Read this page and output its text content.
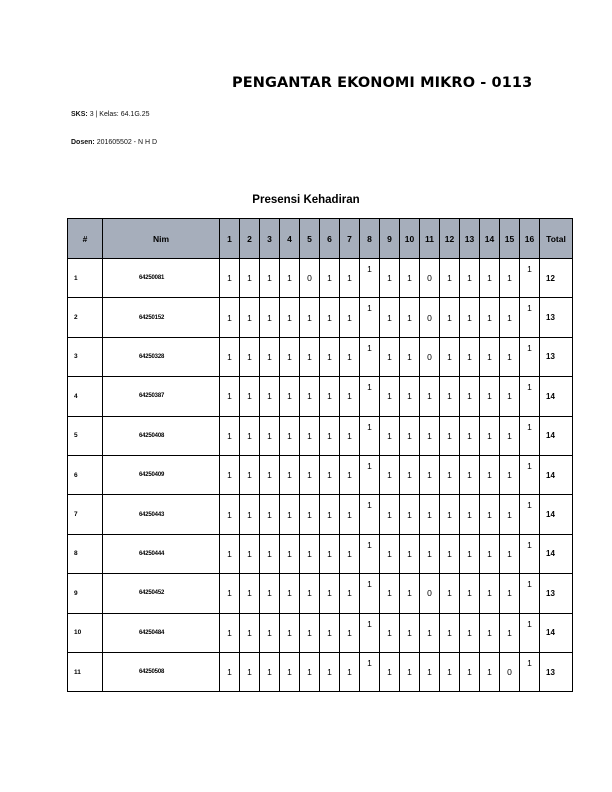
PENGANTAR EKONOMI MIKRO - 0113
SKS: 3 | Kelas: 64.1G.25
Dosen: 201605502 - N H D
Presensi Kehadiran
#	Nim	1	2	3	4	5	6	7	8	9	10	11	12	13	14	15	16	Total
1	64250081	1	1	1	1	0	1	1	1	1	1	0	1	1	1	1	1	12
2	64250152	1	1	1	1	1	1	1	1	1	1	0	1	1	1	1	1	13
3	64250328	1	1	1	1	1	1	1	1	1	1	0	1	1	1	1	1	13
4	64250387	1	1	1	1	1	1	1	1	1	1	1	1	1	1	1	1	14
5	64250408	1	1	1	1	1	1	1	1	1	1	1	1	1	1	1	1	14
6	64250409	1	1	1	1	1	1	1	1	1	1	1	1	1	1	1	1	14
7	64250443	1	1	1	1	1	1	1	1	1	1	1	1	1	1	1	1	14
8	64250444	1	1	1	1	1	1	1	1	1	1	1	1	1	1	1	1	14
9	64250452	1	1	1	1	1	1	1	1	1	1	0	1	1	1	1	1	13
10	64250484	1	1	1	1	1	1	1	1	1	1	1	1	1	1	1	1	14
11	64250508	1	1	1	1	1	1	1	1	1	1	1	1	1	1	0	1	13
